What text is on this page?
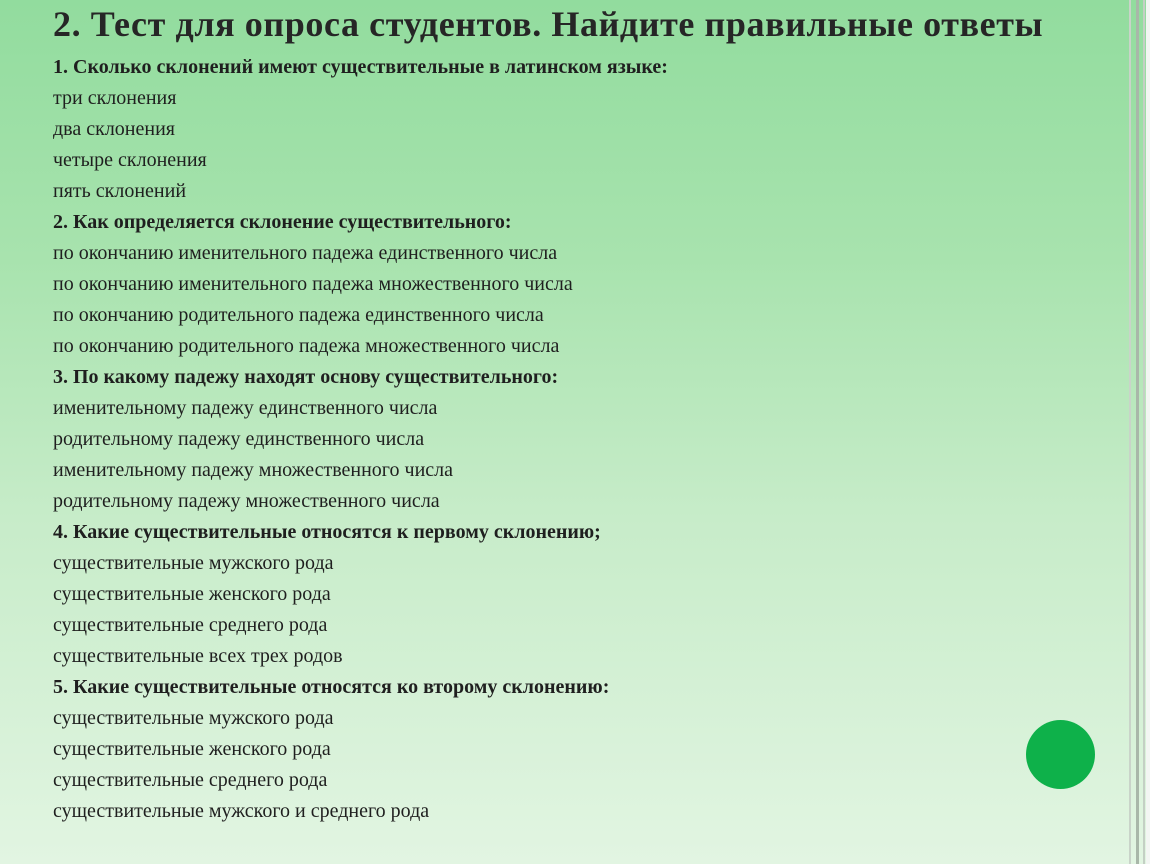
2. Тест для опроса студентов. Найдите правильные ответы
1. Сколько склонений имеют существительные в латинском языке:
три склонения
два склонения
четыре склонения
пять склонений
2. Как определяется склонение существительного:
по окончанию именительного падежа единственного числа
по окончанию именительного падежа множественного числа
по окончанию родительного падежа единственного числа
по окончанию родительного падежа множественного числа
3. По какому падежу находят основу существительного:
именительному падежу единственного числа
родительному падежу единственного числа
именительному падежу множественного числа
родительному падежу множественного числа
4. Какие существительные относятся к первому склонению;
существительные мужского рода
существительные женского рода
существительные среднего рода
существительные всех трех родов
5. Какие существительные относятся ко второму склонению:
существительные мужского рода
существительные женского рода
существительные среднего рода
существительные мужского и среднего рода
